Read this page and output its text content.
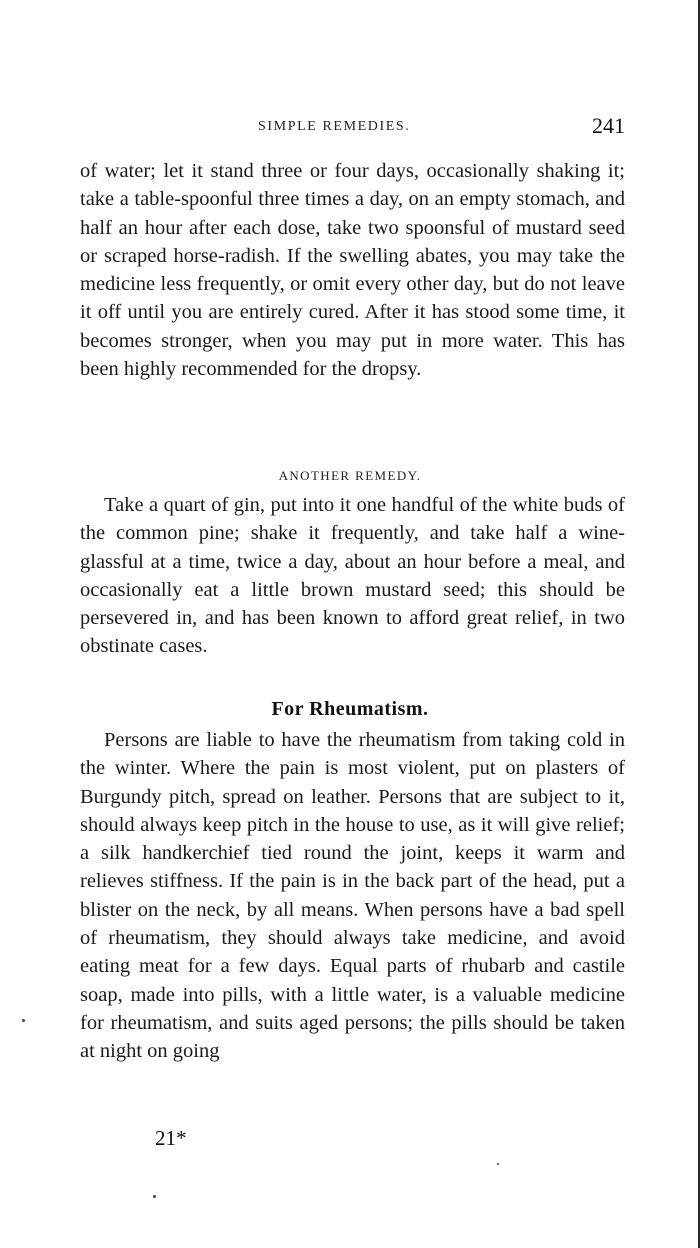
SIMPLE REMEDIES.	241

of water; let it stand three or four days, occasionally shaking it; take a table-spoonful three times a day, on an empty stomach, and half an hour after each dose, take two spoonsful of mustard seed or scraped horse-radish. If the swelling abates, you may take the medicine less frequently, or omit every other day, but do not leave it off until you are entirely cured. After it has stood some time, it becomes stronger, when you may put in more water. This has been highly recommended for the dropsy.

ANOTHER REMEDY.

Take a quart of gin, put into it one handful of the white buds of the common pine; shake it frequently, and take half a wine-glassful at a time, twice a day, about an hour before a meal, and occasionally eat a little brown mustard seed; this should be persevered in, and has been known to afford great relief, in two obstinate cases.

For Rheumatism.

Persons are liable to have the rheumatism from taking cold in the winter. Where the pain is most violent, put on plasters of Burgundy pitch, spread on leather. Persons that are subject to it, should always keep pitch in the house to use, as it will give relief; a silk handkerchief tied round the joint, keeps it warm and relieves stiffness. If the pain is in the back part of the head, put a blister on the neck, by all means. When persons have a bad spell of rheumatism, they should always take medicine, and avoid eating meat for a few days. Equal parts of rhubarb and castile soap, made into pills, with a little water, is a valuable medicine for rheumatism, and suits aged persons; the pills should be taken at night on going

21*
